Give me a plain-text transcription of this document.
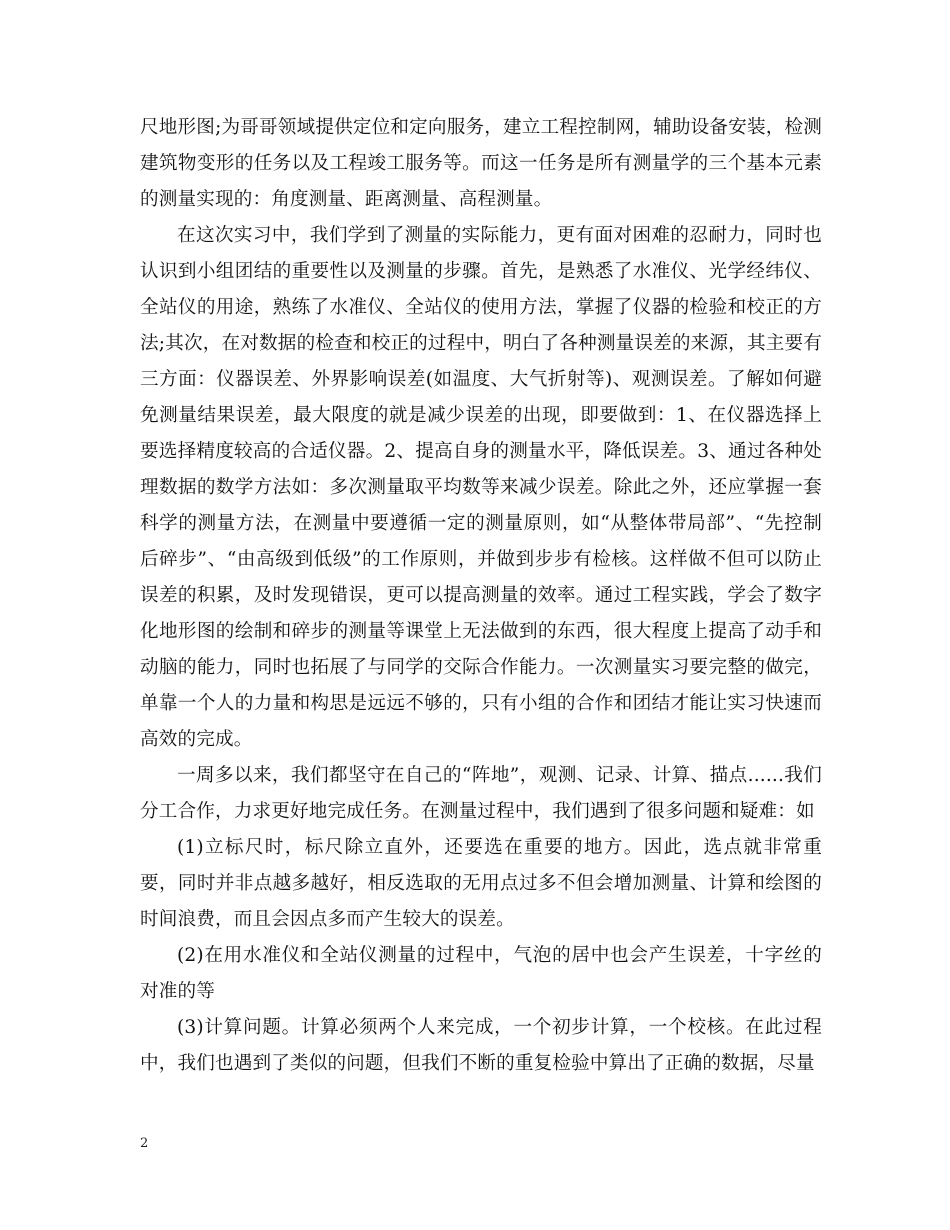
尺地形图;为哥哥领域提供定位和定向服务，建立工程控制网，辅助设备安装，检测建筑物变形的任务以及工程竣工服务等。而这一任务是所有测量学的三个基本元素的测量实现的：角度测量、距离测量、高程测量。

在这次实习中，我们学到了测量的实际能力，更有面对困难的忍耐力，同时也认识到小组团结的重要性以及测量的步骤。首先，是熟悉了水准仪、光学经纬仪、全站仪的用途，熟练了水准仪、全站仪的使用方法，掌握了仪器的检验和校正的方法;其次，在对数据的检查和校正的过程中，明白了各种测量误差的来源，其主要有三方面：仪器误差、外界影响误差(如温度、大气折射等)、观测误差。了解如何避免测量结果误差，最大限度的就是减少误差的出现，即要做到：1、在仪器选择上要选择精度较高的合适仪器。2、提高自身的测量水平，降低误差。3、通过各种处理数据的数学方法如：多次测量取平均数等来减少误差。除此之外，还应掌握一套科学的测量方法，在测量中要遵循一定的测量原则，如“从整体带局部”、“先控制后碎步”、“由高级到低级”的工作原则，并做到步步有检核。这样做不但可以防止误差的积累，及时发现错误，更可以提高测量的效率。通过工程实践，学会了数字化地形图的绘制和碎步的测量等课堂上无法做到的东西，很大程度上提高了动手和动脑的能力，同时也拓展了与同学的交际合作能力。一次测量实习要完整的做完，单靠一个人的力量和构思是远远不够的，只有小组的合作和团结才能让实习快速而高效的完成。

一周多以来，我们都坚守在自己的“阵地”，观测、记录、计算、描点......我们分工合作，力求更好地完成任务。在测量过程中，我们遇到了很多问题和疑难：如

(1)立标尺时，标尺除立直外，还要选在重要的地方。因此，选点就非常重要，同时并非点越多越好，相反选取的无用点过多不但会增加测量、计算和绘图的时间浪费，而且会因点多而产生较大的误差。

(2)在用水准仪和全站仪测量的过程中，气泡的居中也会产生误差，十字丝的对准的等

(3)计算问题。计算必须两个人来完成，一个初步计算，一个校核。在此过程中，我们也遇到了类似的问题，但我们不断的重复检验中算出了正确的数据，尽量

2
